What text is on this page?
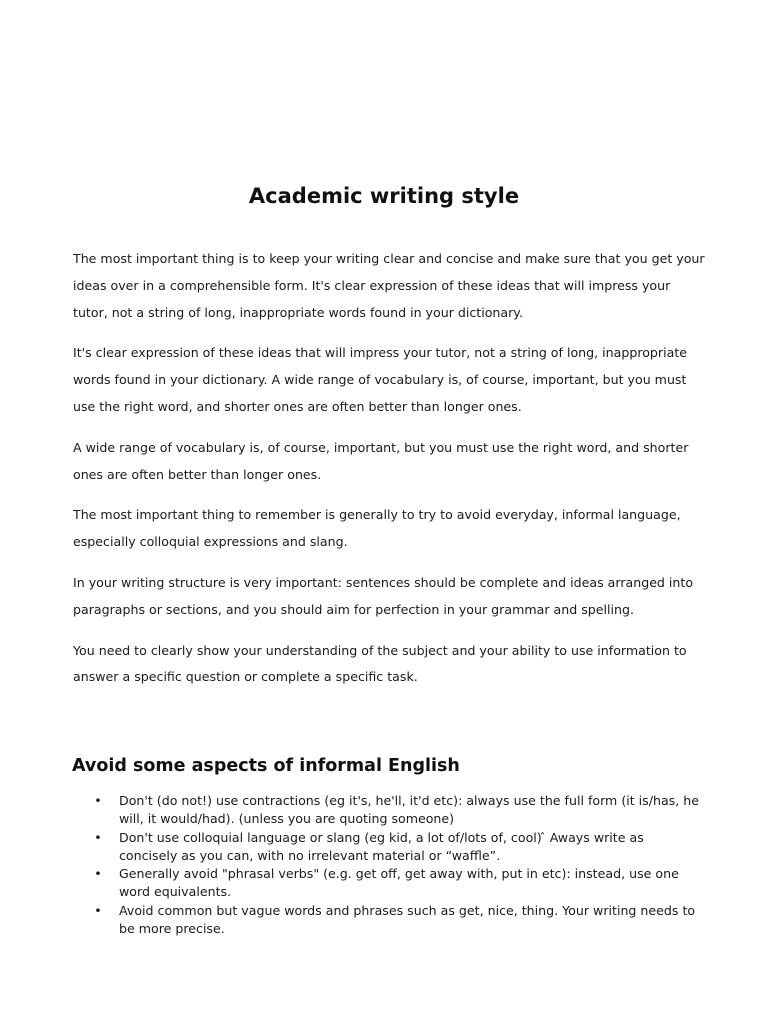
Academic writing style

The most important thing is to keep your writing clear and concise and make sure that you get your ideas over in a comprehensible form. It's clear expression of these ideas that will impress your tutor, not a string of long, inappropriate words found in your dictionary.

It's clear expression of these ideas that will impress your tutor, not a string of long, inappropriate words found in your dictionary. A wide range of vocabulary is, of course, important, but you must use the right word, and shorter ones are often better than longer ones.

A wide range of vocabulary is, of course, important, but you must use the right word, and shorter ones are often better than longer ones.

The most important thing to remember is generally to try to avoid everyday, informal language, especially colloquial expressions and slang.

In your writing structure is very important: sentences should be complete and ideas arranged into paragraphs or sections, and you should aim for perfection in your grammar and spelling.

You need to clearly show your understanding of the subject and your ability to use information to answer a specific question or complete a specific task.

Avoid some aspects of informal English
• Don't (do not!) use contractions (eg it's, he'll, it'd etc): always use the full form (it is/has, he will, it would/had). (unless you are quoting someone)
• Don't use colloquial language or slang (eg kid, a lot of/lots of, cool) ̂ Aways write as concisely as you can, with no irrelevant material or “waffle”.
• Generally avoid "phrasal verbs" (e.g. get off, get away with, put in etc): instead, use one word equivalents.
• Avoid common but vague words and phrases such as get, nice, thing. Your writing needs to be more precise.
